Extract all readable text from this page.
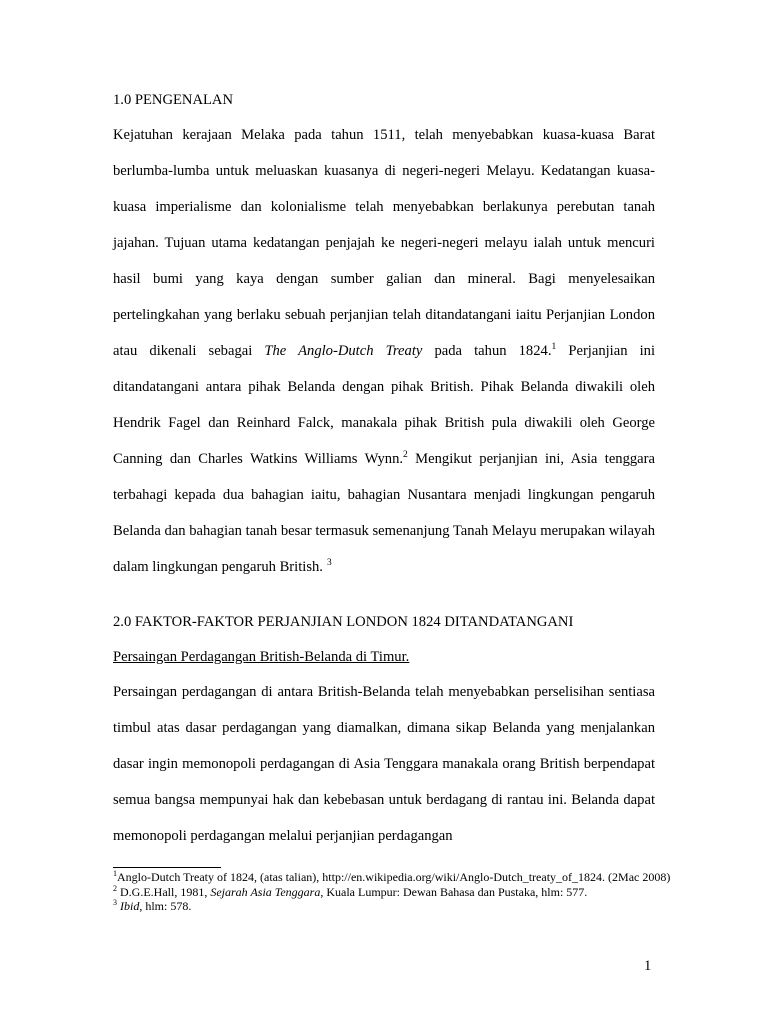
1.0 PENGENALAN

Kejatuhan kerajaan Melaka pada tahun 1511, telah menyebabkan kuasa-kuasa Barat berlumba-lumba untuk meluaskan kuasanya di negeri-negeri Melayu. Kedatangan kuasa-kuasa imperialisme dan kolonialisme telah menyebabkan berlakunya perebutan tanah jajahan. Tujuan utama kedatangan penjajah ke negeri-negeri melayu ialah untuk mencuri hasil bumi yang kaya dengan sumber galian dan mineral. Bagi menyelesaikan pertelingkahan yang berlaku sebuah perjanjian telah ditandatangani iaitu Perjanjian London atau dikenali sebagai The Anglo-Dutch Treaty pada tahun 1824.$^1$ Perjanjian ini ditandatangani antara pihak Belanda dengan pihak British. Pihak Belanda diwakili oleh Hendrik Fagel dan Reinhard Falck, manakala pihak British pula diwakili oleh George Canning dan Charles Watkins Williams Wynn.$^2$ Mengikut perjanjian ini, Asia tenggara terbahagi kepada dua bahagian iaitu, bahagian Nusantara menjadi lingkungan pengaruh Belanda dan bahagian tanah besar termasuk semenanjung Tanah Melayu merupakan wilayah dalam lingkungan pengaruh British. $^3$

2.0 FAKTOR-FAKTOR PERJANJIAN LONDON 1824 DITANDATANGANI
Persaingan Perdagangan British-Belanda di Timur.

Persaingan perdagangan di antara British-Belanda telah menyebabkan perselisihan sentiasa timbul atas dasar perdagangan yang diamalkan, dimana sikap Belanda yang menjalankan dasar ingin memonopoli perdagangan di Asia Tenggara manakala orang British berpendapat semua bangsa mempunyai hak dan kebebasan untuk berdagang di rantau ini. Belanda dapat memonopoli perdagangan melalui perjanjian perdagangan

$^1$Anglo-Dutch Treaty of 1824, (atas talian), http://en.wikipedia.org/wiki/Anglo-Dutch_treaty_of_1824. (2Mac 2008)

$^2$ D.G.E.Hall, 1981, Sejarah Asia Tenggara, Kuala Lumpur: Dewan Bahasa dan Pustaka, hlm: 577.

$^3$ Ibid, hlm: 578.

1
